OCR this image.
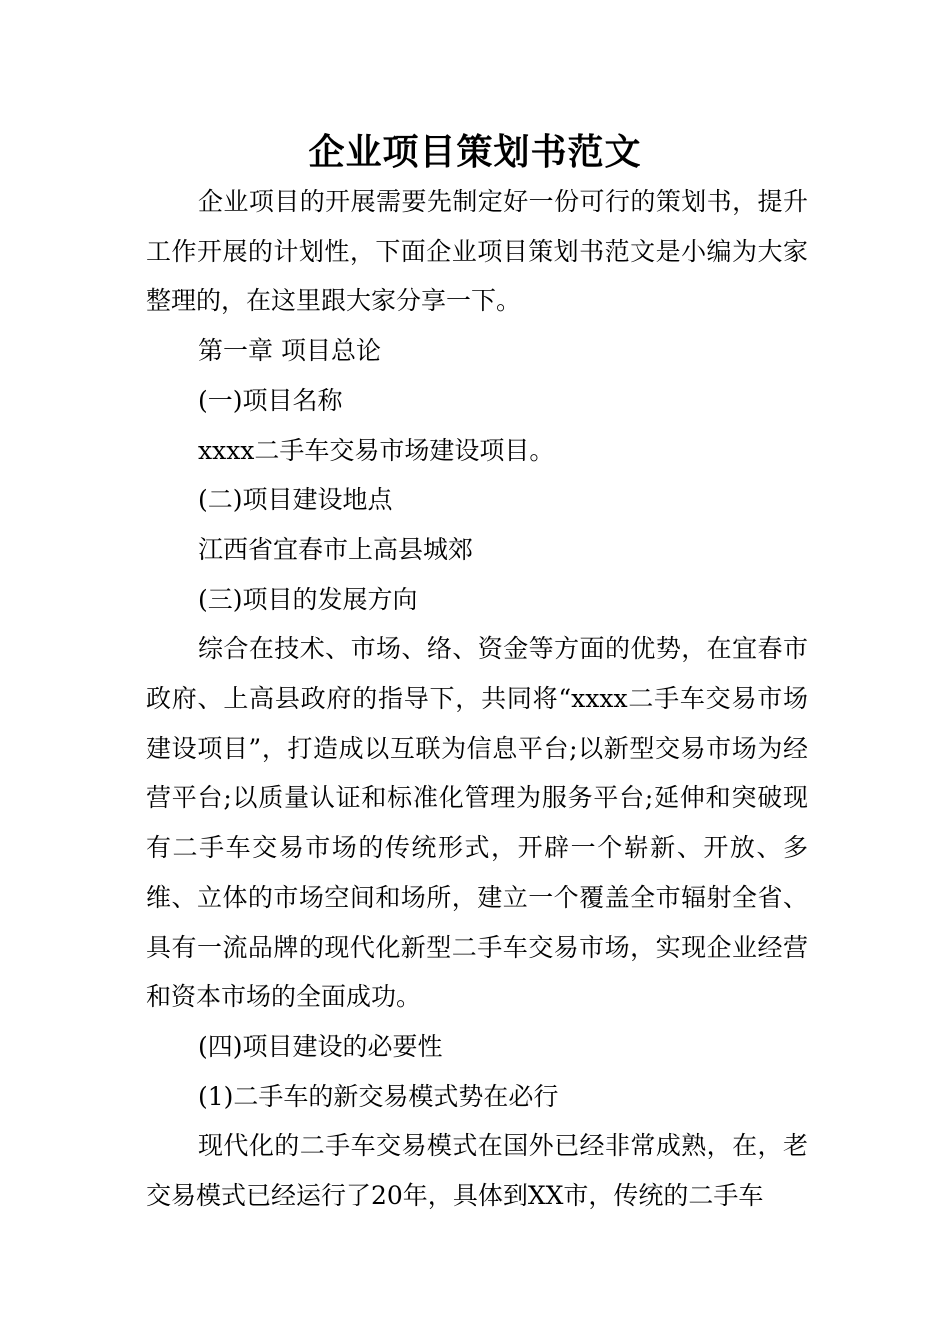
企业项目策划书范文

企业项目的开展需要先制定好一份可行的策划书，提升工作开展的计划性，下面企业项目策划书范文是小编为大家整理的，在这里跟大家分享一下。

第一章 项目总论

(一)项目名称

xxxx二手车交易市场建设项目。

(二)项目建设地点

江西省宜春市上高县城郊

(三)项目的发展方向

综合在技术、市场、络、资金等方面的优势，在宜春市政府、上高县政府的指导下，共同将“xxxx二手车交易市场建设项目”，打造成以互联为信息平台;以新型交易市场为经营平台;以质量认证和标准化管理为服务平台;延伸和突破现有二手车交易市场的传统形式，开辟一个崭新、开放、多维、立体的市场空间和场所，建立一个覆盖全市辐射全省、具有一流品牌的现代化新型二手车交易市场，实现企业经营和资本市场的全面成功。

(四)项目建设的必要性

(1)二手车的新交易模式势在必行

现代化的二手车交易模式在国外已经非常成熟，在，老交易模式已经运行了20年，具体到XX市，传统的二手车
